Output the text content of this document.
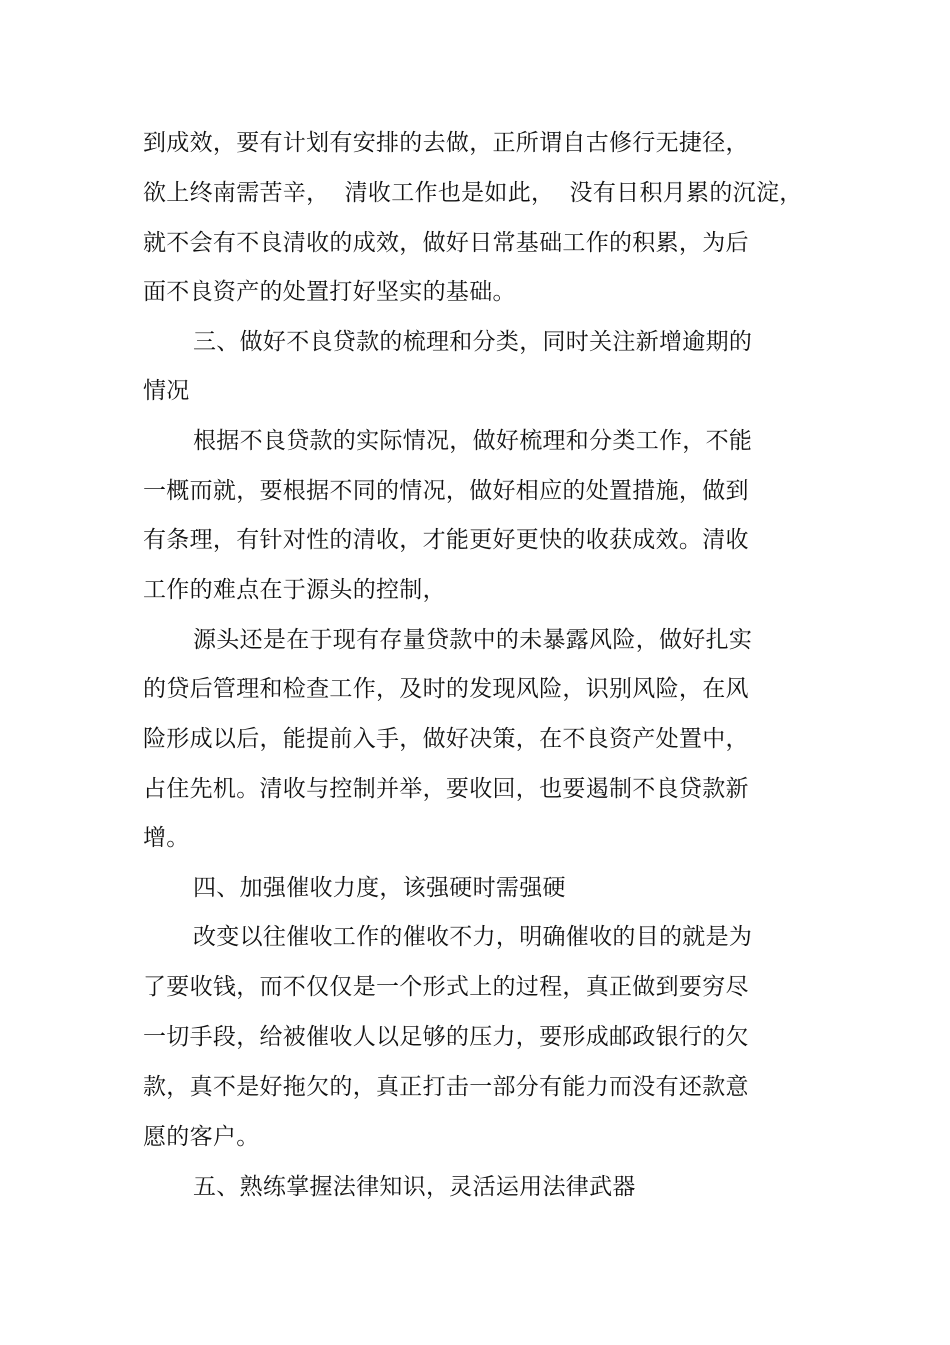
到成效，要有计划有安排的去做，正所谓自古修行无捷径，
欲上终南需苦辛，  清收工作也是如此，  没有日积月累的沉淀，
就不会有不良清收的成效，做好日常基础工作的积累，为后
面不良资产的处置打好坚实的基础。
三、做好不良贷款的梳理和分类，同时关注新增逾期的
情况
根据不良贷款的实际情况，做好梳理和分类工作，不能
一概而就，要根据不同的情况，做好相应的处置措施，做到
有条理，有针对性的清收，才能更好更快的收获成效。清收
工作的难点在于源头的控制，
源头还是在于现有存量贷款中的未暴露风险，做好扎实
的贷后管理和检查工作，及时的发现风险，识别风险，在风
险形成以后，能提前入手，做好决策，在不良资产处置中，
占住先机。清收与控制并举，要收回，也要遏制不良贷款新
增。
四、加强催收力度，该强硬时需强硬
改变以往催收工作的催收不力，明确催收的目的就是为
了要收钱，而不仅仅是一个形式上的过程，真正做到要穷尽
一切手段，给被催收人以足够的压力，要形成邮政银行的欠
款，真不是好拖欠的，真正打击一部分有能力而没有还款意
愿的客户。
五、熟练掌握法律知识，灵活运用法律武器
